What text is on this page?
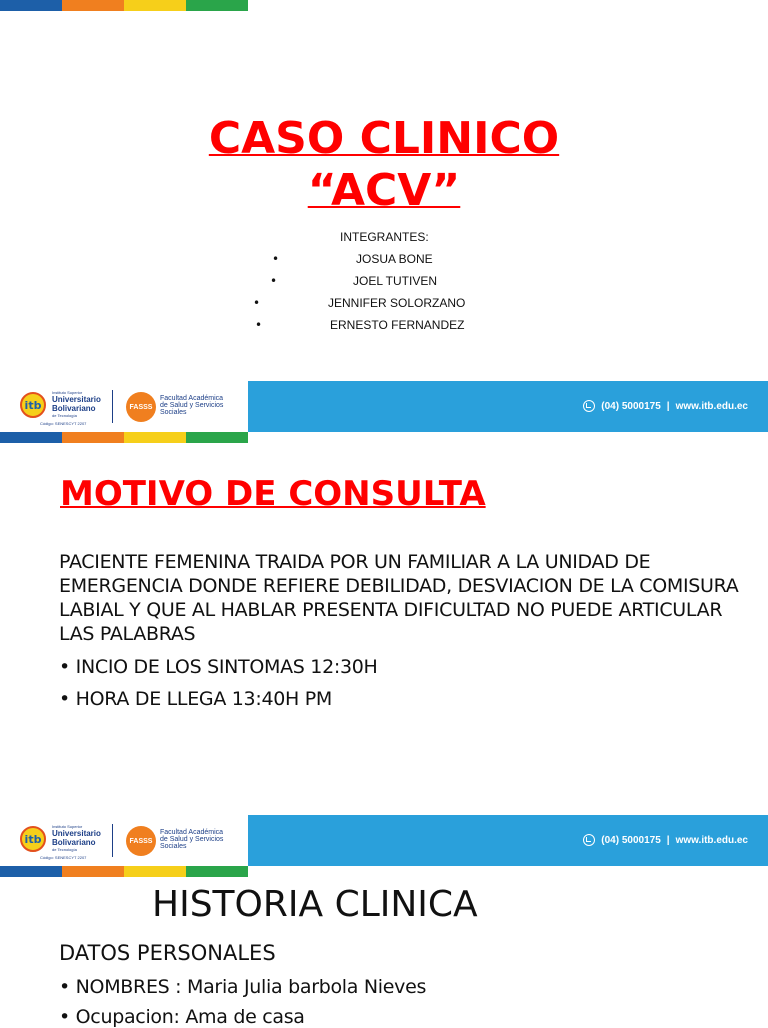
CASO CLINICO
“ACV”
INTEGRANTES:
•	JOSUA BONE
•	JOEL TUTIVEN
•	JENNIFER SOLORZANO
•	ERNESTO FERNANDEZ
itb
Instituto Superior
Universitario
Bolivariano
de Tecnología
Código: SENESCYT 2207
FASSS
Facultad Académica
de Salud y Servicios
Sociales
(04) 5000175 | www.itb.edu.ec
MOTIVO DE CONSULTA
PACIENTE FEMENINA TRAIDA POR UN FAMILIAR A LA UNIDAD DE EMERGENCIA DONDE REFIERE DEBILIDAD, DESVIACION DE LA COMISURA LABIAL Y QUE AL HABLAR PRESENTA DIFICULTAD NO PUEDE ARTICULAR LAS PALABRAS
• INCIO DE LOS SINTOMAS 12:30H
• HORA DE LLEGA 13:40H PM
itb
Instituto Superior
Universitario
Bolivariano
de Tecnología
Código: SENESCYT 2207
FASSS
Facultad Académica
de Salud y Servicios
Sociales
(04) 5000175 | www.itb.edu.ec
HISTORIA CLINICA
DATOS PERSONALES
• NOMBRES : Maria Julia barbola Nieves
• Ocupacion: Ama de casa
